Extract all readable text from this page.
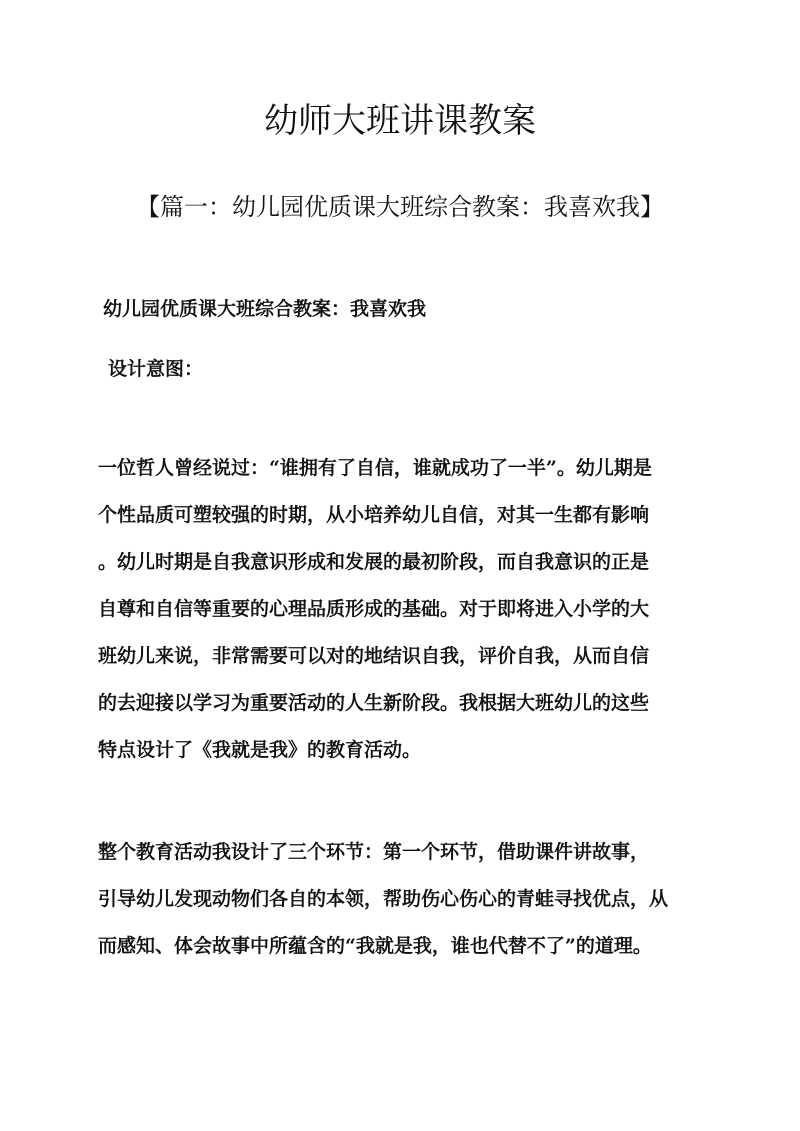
幼师大班讲课教案
【篇一：幼儿园优质课大班综合教案：我喜欢我】

幼儿园优质课大班综合教案：我喜欢我

设计意图：

一位哲人曾经说过：“谁拥有了自信，谁就成功了一半”。幼儿期是

个性品质可塑较强的时期，从小培养幼儿自信，对其一生都有影响

。幼儿时期是自我意识形成和发展的最初阶段，而自我意识的正是

自尊和自信等重要的心理品质形成的基础。对于即将进入小学的大

班幼儿来说，非常需要可以对的地结识自我，评价自我，从而自信

的去迎接以学习为重要活动的人生新阶段。我根据大班幼儿的这些

特点设计了《我就是我》的教育活动。

整个教育活动我设计了三个环节：第一个环节，借助课件讲故事，

引导幼儿发现动物们各自的本领，帮助伤心伤心的青蛙寻找优点，从

而感知、体会故事中所蕴含的“我就是我，谁也代替不了”的道理。
